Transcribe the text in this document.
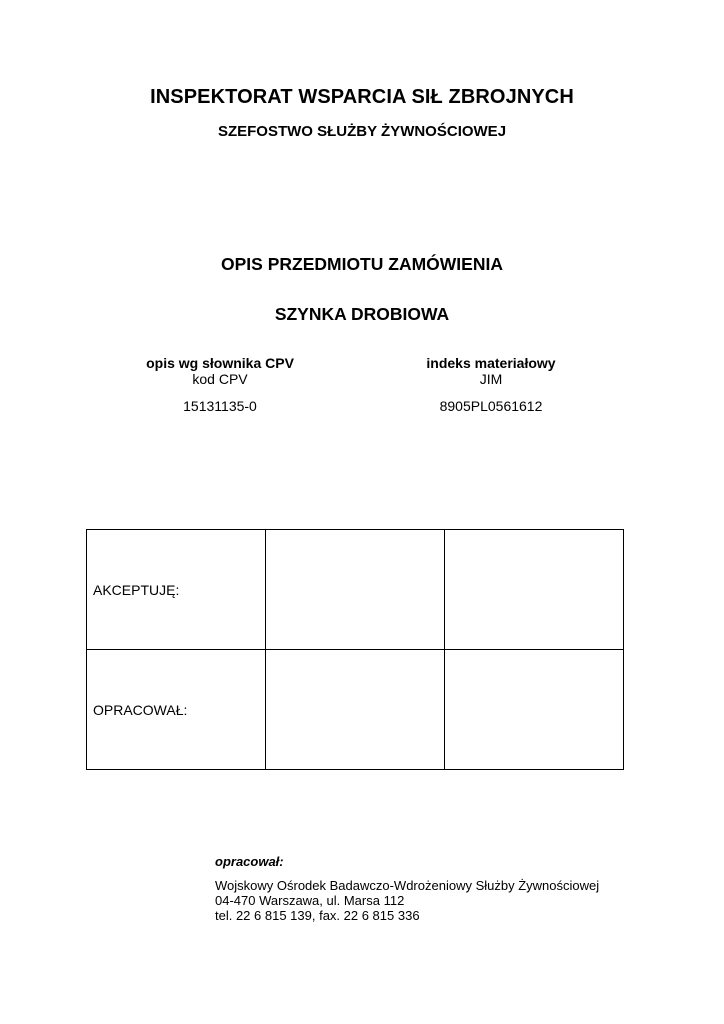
INSPEKTORAT WSPARCIA SIŁ ZBROJNYCH
SZEFOSTWO SŁUŻBY ŻYWNOŚCIOWEJ
OPIS PRZEDMIOTU ZAMÓWIENIA
SZYNKA DROBIOWA
opis wg słownika CPV
kod CPV
15131135-0
indeks materiałowy
JIM
8905PL0561612
AKCEPTUJĘ:		
OPRACOWAŁ:		
opracował:
Wojskowy Ośrodek Badawczo-Wdrożeniowy Służby Żywnościowej
04-470 Warszawa, ul. Marsa 112
tel. 22 6 815 139, fax. 22 6 815 336
